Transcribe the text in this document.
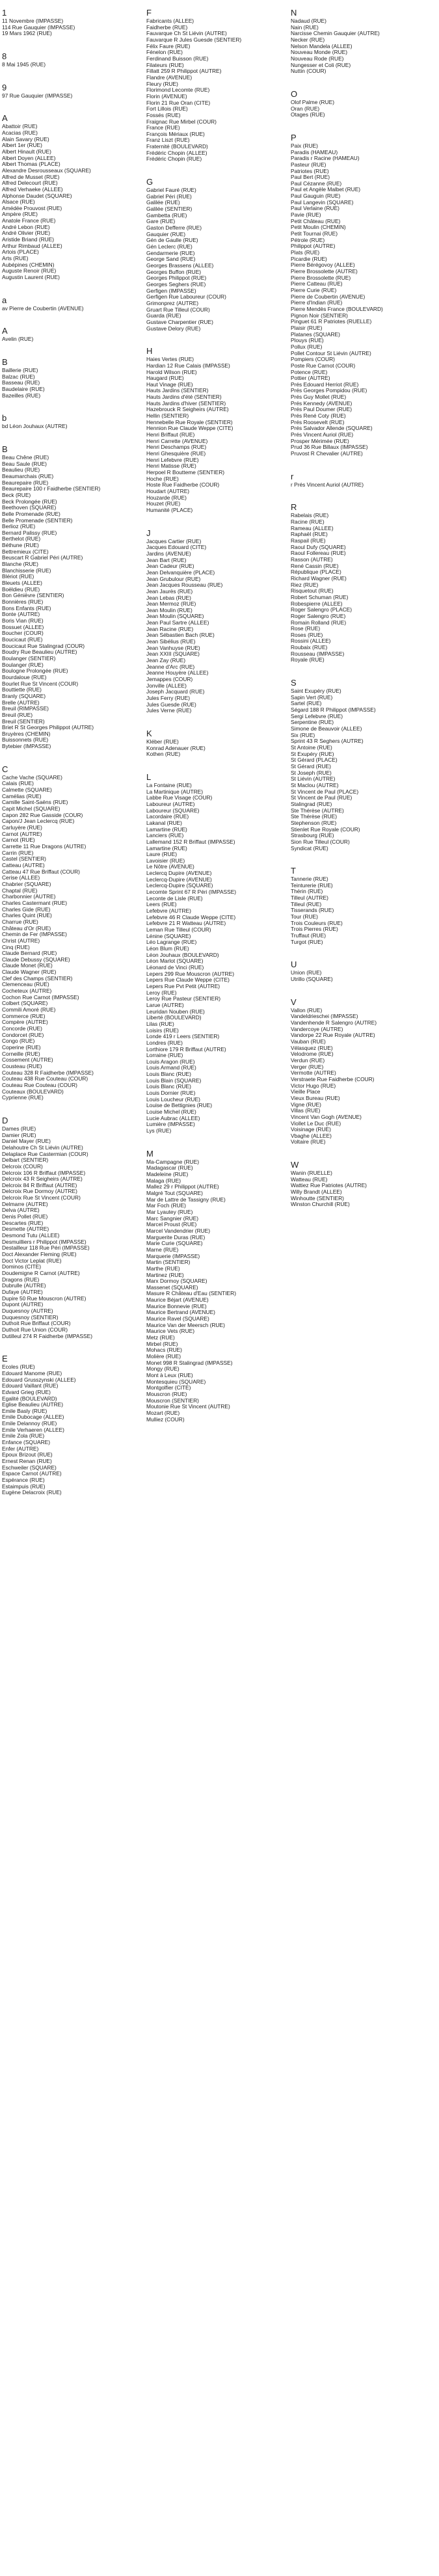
1
11 Novembre (IMPASSE)
114 Rue Gauquier (IMPASSE)
19 Mars 1962 (RUE)
8
8 Mai 1945 (RUE)
9
97 Rue Gauquier (IMPASSE)
A
Abattoir (RUE)
Acacias (RUE)
Alain Savary (RUE)
Albert 1er (RUE)
Albert Hinault (RUE)
Albert Doyen (ALLEE)
Albert Thomas (PLACE)
Alexandre Desrousseaux (SQUARE)
Alfred de Musset (RUE)
Alfred Delecourt (RUE)
Alfred Verhaeke (ALLEE)
Alphonse Daudet (SQUARE)
Alsace (RUE)
Amédée Prouvost (RUE)
Ampère (RUE)
Anatole France (RUE)
André Lebon (RUE)
André Olivier (RUE)
Aristide Briand (RUE)
Arthur Rimbaud (ALLEE)
Artois (PLACE)
Arts (RUE)
Aubépines (CHEMIN)
Auguste Renoir (RUE)
Augustin Laurent (RUE)
a
av Pierre de Coubertin (AVENUE)
A
Avelin (RUE)
B
Baillerie (RUE)
Balzac (RUE)
Basseau (RUE)
Baudelaire (RUE)
Bazeilles (RUE)
b
bd Léon Jouhaux (AUTRE)
B
Beau Chêne (RUE)
Beau Saule (RUE)
Beaulieu (RUE)
Beaumarchais (RUE)
Beaurepaire (RUE)
Beaurepaire 100 r Faidherbe (SENTIER)
Beck (RUE)
Beck Prolongée (RUE)
Beethoven (SQUARE)
Belle Promenade (RUE)
Belle Promenade (SENTIER)
Berlioz (RUE)
Bernard Palissy (RUE)
Berthelot (RUE)
Béthune (RUE)
Bettremieux (CITE)
Beuscart R Gabriel Péri (AUTRE)
Blanche (RUE)
Blanchisserie (RUE)
Blériot (RUE)
Bleuets (ALLEE)
Boëldieu (RUE)
Bon Génièvre (SENTIER)
Bonnières (RUE)
Bons Enfants (RUE)
Bonte (AUTRE)
Boris Vian (RUE)
Bossuet (ALLEE)
Boucher (COUR)
Boucicaut (RUE)
Boucicaut Rue Stalingrad (COUR)
Boudry Rue Beaulieu (AUTRE)
Boulanger (SENTIER)
Boulanger (RUE)
Boulogne Prolongée (RUE)
Bourdaloue (RUE)
Bourlet Rue St Vincent (COUR)
Bouttiette (RUE)
Branly (SQUARE)
Brelle (AUTRE)
Breuil (RIMPASSE)
Breuil (RUE)
Breuil (SENTIER)
Briet R St Georges Philippot (AUTRE)
Bruyères (CHEMIN)
Buissonnets (RUE)
Bytebier (IMPASSE)
C
Cache Vache (SQUARE)
Calais (RUE)
Calmette (SQUARE)
Camélias (RUE)
Camille Saint-Saëns (RUE)
Capit Michel (SQUARE)
Capon 282 Rue Gasside (COUR)
Capon/J Jean Leclercq (RUE)
Carluyère (RUE)
Carnot (AUTRE)
Carnot (RUE)
Carrette 11 Rue Dragons (AUTRE)
Carrin (RUE)
Castel (SENTIER)
Catteau (AUTRE)
Catteau 47 Rue Briffaut (COUR)
Cerise (ALLEE)
Chabrier (SQUARE)
Chaptal (RUE)
Charbonnier (AUTRE)
Charles Castermant (RUE)
Charles Gide (RUE)
Charles Quint (RUE)
Charrue (RUE)
Château d'Or (RUE)
Chemin de Fer (IMPASSE)
Christ (AUTRE)
Cinq (RUE)
Claude Bernard (RUE)
Claude Debussy (SQUARE)
Claude Monet (RUE)
Claude Wagner (RUE)
Clef des Champs (SENTIER)
Clemenceau (RUE)
Cocheteux (AUTRE)
Cochon Rue Carnot (IMPASSE)
Colbert (SQUARE)
Commili Amoré (RUE)
Commerce (RUE)
Compère (AUTRE)
Concorde (RUE)
Condorcet (RUE)
Congo (RUE)
Coperine (RUE)
Corneille (RUE)
Cossement (AUTRE)
Cousteau (RUE)
Couteau 328 R Faidherbe (IMPASSE)
Couteau 438 Rue Couteau (COUR)
Couteau Rue Couteau (COUR)
Couteaux (BOULEVARD)
Cyprienne (RUE)
D
Dames (RUE)
Damier (RUE)
Daniel Mayer (RUE)
Delahoutre Ch St Liévin (AUTRE)
Delaplace Rue Castermian (COUR)
Delbart (SENTIER)
Delcroix (COUR)
Delcroix 106 R Briffaut (IMPASSE)
Delcroix 43 R Seigheirs (AUTRE)
Delcroix 84 R Briffaut (AUTRE)
Delcroix Rue Dormoy (AUTRE)
Delcroix Rue St Vincent (COUR)
Delmarre (AUTRE)
Delva (AUTRE)
Denis Pollet (RUE)
Descartes (RUE)
Desmette (AUTRE)
Desmond Tutu (ALLEE)
Desmuilliers r Philippot (IMPASSE)
Destailleur 118 Rue Péri (IMPASSE)
Doct Alexander Fleming (RUE)
Doct Victor Leplat (RUE)
Dominos (CITE)
Doudemigne R Carnot (AUTRE)
Dragons (RUE)
Dubrulle (AUTRE)
Dufaye (AUTRE)
Dupire 50 Rue Mouscron (AUTRE)
Dupont (AUTRE)
Duquesnoy (AUTRE)
Duquesnoy (SENTIER)
Duthoit Rue Briffaut (COUR)
Duthoit Rue Union (COUR)
Dutilleul 274 R Faidherbe (IMPASSE)
E
Ecoles (RUE)
Edouard Manome (RUE)
Edouard Grusszynski (ALLEE)
Edouard Vaillant (RUE)
Edvard Grieg (RUE)
Egalité (BOULEVARD)
Eglise Beaulieu (AUTRE)
Emile Basly (RUE)
Emile Dubocage (ALLEE)
Emile Delannoy (RUE)
Emile Verhaeren (ALLEE)
Emile Zola (RUE)
Enfance (SQUARE)
Enfer (AUTRE)
Epoux Brizout (RUE)
Ernest Renan (RUE)
Eschweiler (SQUARE)
Espace Carnot (AUTRE)
Espérance (RUE)
Estaimpuis (RUE)
Eugène Delacroix (RUE)
F
Fabricants (ALLEE)
Faidherbe (RUE)
Fauvarque Ch St Liévin (AUTRE)
Fauvarque R Jules Guesde (SENTIER)
Félix Faure (RUE)
Fénelon (RUE)
Ferdinand Buisson (RUE)
Filateurs (RUE)
Fillatt 259 R Philippot (AUTRE)
Flandre (AVENUE)
Fleury (RUE)
Florimond Lecomte (RUE)
Florin (AVENUE)
Florin 21 Rue Oran (CITE)
Fort Lillois (RUE)
Fossés (RUE)
Fraignac Rue Mirbel (COUR)
France (RUE)
François Mériaux (RUE)
Franz Liszt (RUE)
Fraternité (BOULEVARD)
Frédéric Chopin (ALLEE)
Frédéric Chopin (RUE)
G
Gabriel Fauré (RUE)
Gabriel Péri (RUE)
Galilée (RUE)
Galilée (SENTIER)
Gambetta (RUE)
Gare (RUE)
Gaston Defferre (RUE)
Gauquier (RUE)
Gén de Gaulle (RUE)
Gén Leclerc (RUE)
Gendarmerie (RUE)
George Sand (RUE)
Georges Brassens (ALLEE)
Georges Buffon (RUE)
Georges Philippot (RUE)
Georges Seghers (RUE)
Gerfigen (IMPASSE)
Gerfigen Rue Laboureur (COUR)
Grimonprez (AUTRE)
Gruart Rue Tilleul (COUR)
Guarda (RUE)
Gustave Charpentier (RUE)
Gustave Delory (RUE)
H
Haies Vertes (RUE)
Hardian 12 Rue Calais (IMPASSE)
Harold Wilson (RUE)
Haugard (RUE)
Haut Vinage (RUE)
Hauts Jardins (SENTIER)
Hauts Jardins d'été (SENTIER)
Hauts Jardins d'hiver (SENTIER)
Hazebrouck R Seigheirs (AUTRE)
Hellin (SENTIER)
Hennebelle Rue Royale (SENTIER)
Hennion Rue Claude Weppe (CITE)
Henri Briffaut (RUE)
Henri Carrette (AVENUE)
Henri Deschamps (RUE)
Henri Ghesquière (RUE)
Henri Lefebvre (RUE)
Henri Matisse (RUE)
Herpoel R Boutteme (SENTIER)
Hoche (RUE)
Hoste Rue Faidherbe (COUR)
Houdart (AUTRE)
Houzarde (RUE)
Houzet (RUE)
Humanité (PLACE)
J
Jacques Cartier (RUE)
Jacques Edouard (CITE)
Jardins (AVENUE)
Jean Bart (RUE)
Jean Cadeur (RUE)
Jean Delvanquière (PLACE)
Jean Grubulour (RUE)
Jean Jacques Rousseau (RUE)
Jean Jaurès (RUE)
Jean Lebas (RUE)
Jean Mermoz (RUE)
Jean Moulin (RUE)
Jean Moulin (SQUARE)
Jean Paul Sartre (ALLEE)
Jean Racine (RUE)
Jean Sébastien Bach (RUE)
Jean Sibélius (RUE)
Jean Vanhuyse (RUE)
Jean XXIII (SQUARE)
Jean Zay (RUE)
Jeanne d'Arc (RUE)
Jeanne Houyère (ALLEE)
Jemappes (COUR)
Jonville (ALLEE)
Joseph Jacquard (RUE)
Jules Ferry (RUE)
Jules Guesde (RUE)
Jules Verne (RUE)
K
Kléber (RUE)
Konrad Adenauer (RUE)
Kothen (RUE)
L
La Fontaine (RUE)
La Martinique (AUTRE)
Labbe Rue Visage (COUR)
Laboureur (AUTRE)
Laboureur (SQUARE)
Lacordaire (RUE)
Lakanal (RUE)
Lamartine (RUE)
Lanciers (RUE)
Lallemand 152 R Briffaut (IMPASSE)
Lamartine (RUE)
Laure (RUE)
Lavoisier (RUE)
Le Nôtre (AVENUE)
Leclercq Dupire (AVENUE)
Leclercq-Dupire (AVENUE)
Leclercq-Dupire (SQUARE)
Lecomte Sprint 67 R Péri (IMPASSE)
Leconte de Lisle (RUE)
Leers (RUE)
Lefebvre (AUTRE)
Lefebvre 46 R Claude Weppe (CITE)
Lefebvre 21 R Watteau (AUTRE)
Leman Rue Tilleul (COUR)
Lénine (SQUARE)
Léo Lagrange (RUE)
Léon Blum (RUE)
Léon Jouhaux (BOULEVARD)
Léon Marlot (SQUARE)
Léonard de Vinci (RUE)
Lepers 299 Rue Mouscron (AUTRE)
Lepers Rue Claude Weppe (CITE)
Lepers Rue Pvt Petit (AUTRE)
Leroy (RUE)
Leroy Rue Pasteur (SENTIER)
Larue (AUTRE)
Leuridan Nouben (RUE)
Liberté (BOULEVARD)
Lilas (RUE)
Loisirs (RUE)
Londe 419 r Leers (SENTIER)
Londres (RUE)
Lorthiore 179 R Briffaut (AUTRE)
Lorraine (RUE)
Louis Aragon (RUE)
Louis Armand (RUE)
Louis Blanc (RUE)
Louis Blain (SQUARE)
Louis Blanc (RUE)
Louis Dornier (RUE)
Louis Loucheur (RUE)
Louise de Bettignies (RUE)
Louise Michel (RUE)
Lucie Aubrac (ALLEE)
Lumière (IMPASSE)
Lys (RUE)
M
Ma-Campagne (RUE)
Madagascar (RUE)
Madeleine (RUE)
Malaga (RUE)
Mallez 29 r Philippot (AUTRE)
Malgré Tout (SQUARE)
Mar de Lattre de Tassigny (RUE)
Mar Foch (RUE)
Mar Lyautey (RUE)
Marc Sangnier (RUE)
Marcel Proust (RUE)
Marcel Vandendrier (RUE)
Marguerite Duras (RUE)
Marie Curie (SQUARE)
Marne (RUE)
Marquerie (IMPASSE)
Martin (SENTIER)
Marthe (RUE)
Martinez (RUE)
Marx Dormoy (SQUARE)
Massenet (SQUARE)
Masure R Château d'Eau (SENTIER)
Maurice Béjart (AVENUE)
Maurice Bonnevie (RUE)
Maurice Bertrand (AVENUE)
Maurice Ravel (SQUARE)
Maurice Van der Meersch (RUE)
Maurice Vets (RUE)
Metz (RUE)
Mirbel (RUE)
Mohacs (RUE)
Molière (RUE)
Monet 998 R Stalingrad (IMPASSE)
Mongy (RUE)
Mont à Leux (RUE)
Montesquieu (SQUARE)
Montgolfier (CITE)
Mouscron (RUE)
Mouscron (SENTIER)
Moutonie Rue St Vincent (AUTRE)
Mozart (RUE)
Mulliez (COUR)
N
Nadaud (RUE)
Nain (RUE)
Narcisse Chemin Gauquier (AUTRE)
Necker (RUE)
Nelson Mandela (ALLEE)
Nouveau Monde (RUE)
Nouveau Rode (RUE)
Nungesser et Coli (RUE)
Nuttin (COUR)
O
Olof Palme (RUE)
Oran (RUE)
Otages (RUE)
P
Paix (RUE)
Paradis (HAMEAU)
Paradis r Racine (HAMEAU)
Pasteur (RUE)
Patriotes (RUE)
Paul Bert (RUE)
Paul Cézanne (RUE)
Paul et Angèle Malbet (RUE)
Paul Gauguin (RUE)
Paul Langevin (SQUARE)
Paul Verlaine (RUE)
Pavie (RUE)
Petit Château (RUE)
Petit Moulin (CHEMIN)
Petit Tournai (RUE)
Pétrole (RUE)
Philippot (AUTRE)
Plats (RUE)
Picardie (RUE)
Pierre Bérégovoy (ALLEE)
Pierre Brossolette (AUTRE)
Pierre Brossolette (RUE)
Pierre Catteau (RUE)
Pierre Curie (RUE)
Pierre de Coubertin (AVENUE)
Pierre d'Indian (RUE)
Pierre Mendès France (BOULEVARD)
Pignon Noir (SENTIER)
Pinguet 61 R Patriotes (RUELLE)
Plaisir (RUE)
Platanes (SQUARE)
Plouys (RUE)
Pollux (RUE)
Pollet Contour St Liévin (AUTRE)
Pompiers (COUR)
Poste Rue Carnot (COUR)
Potence (RUE)
Pottier (AUTRE)
Prés Edouard Herriot (RUE)
Prés Georges Pompidou (RUE)
Prés Guy Mollet (RUE)
Prés Kennedy (AVENUE)
Prés Paul Doumer (RUE)
Prés René Coty (RUE)
Prés Roosevelt (RUE)
Prés Salvador Allende (SQUARE)
Prés Vincent Auriol (RUE)
Prosper Mérimée (RUE)
Prud 36 Rue Billaux (IMPASSE)
Pruvost R Chevalier (AUTRE)
r
r Prés Vincent Auriol (AUTRE)
R
Rabelais (RUE)
Racine (RUE)
Rameau (ALLEE)
Raphaël (RUE)
Raspail (RUE)
Raoul Dufy (SQUARE)
Raoul Follereau (RUE)
Rasson (AUTRE)
René Cassin (RUE)
République (PLACE)
Richard Wagner (RUE)
Riez (RUE)
Risquetout (RUE)
Robert Schuman (RUE)
Robespierre (ALLEE)
Roger Salengro (PLACE)
Roger Salengro (RUE)
Romain Rolland (RUE)
Rose (RUE)
Roses (RUE)
Rossini (ALLEE)
Roubaix (RUE)
Rousseau (IMPASSE)
Royale (RUE)
S
Saint Exupéry (RUE)
Sapin Vert (RUE)
Sartel (RUE)
Ségard 188 R Philippot (IMPASSE)
Sergi Lefebvre (RUE)
Serpentine (RUE)
Simone de Beauvoir (ALLEE)
Six (RUE)
Sprint 43 R Seghers (AUTRE)
St Antoine (RUE)
St Exupéry (RUE)
St Gérard (PLACE)
St Gérard (RUE)
St Joseph (RUE)
St Liévin (AUTRE)
St Maclou (AUTRE)
St Vincent de Paul (PLACE)
St Vincent de Paul (RUE)
Stalingrad (RUE)
Ste Thérèse (AUTRE)
Ste Thérèse (RUE)
Stephenson (RUE)
Stienlet Rue Royale (COUR)
Strasbourg (RUE)
Sion Rue Tilleul (COUR)
Syndicat (RUE)
T
Tannerie (RUE)
Teinturerie (RUE)
Thérin (RUE)
Tilleul (AUTRE)
Tilleul (RUE)
Tisserands (RUE)
Tour (RUE)
Trois Couleurs (RUE)
Trois Pierres (RUE)
Truffaut (RUE)
Turgot (RUE)
U
Union (RUE)
Utrillo (SQUARE)
V
Vallon (RUE)
Vandeldrieschei (IMPASSE)
Vandenhende R Salengro (AUTRE)
Vandercoye (AUTRE)
Vandorpe 22 Rue Royale (AUTRE)
Vauban (RUE)
Vélasquez (RUE)
Velodrome (RUE)
Verdun (RUE)
Verger (RUE)
Vermotte (AUTRE)
Verstraete Rue Faidherbe (COUR)
Victor Hugo (RUE)
Vieille Place
Vieux Bureau (RUE)
Vigne (RUE)
Villas (RUE)
Vincent Van Gogh (AVENUE)
Viollet Le Duc (RUE)
Voisinage (RUE)
Vbaghe (ALLEE)
Voltaire (RUE)
W
Wanin (RUELLE)
Watteau (RUE)
Wattiez Rue Patriotes (AUTRE)
Willy Brandt (ALLEE)
Winhoutte (SENTIER)
Winston Churchill (RUE)
